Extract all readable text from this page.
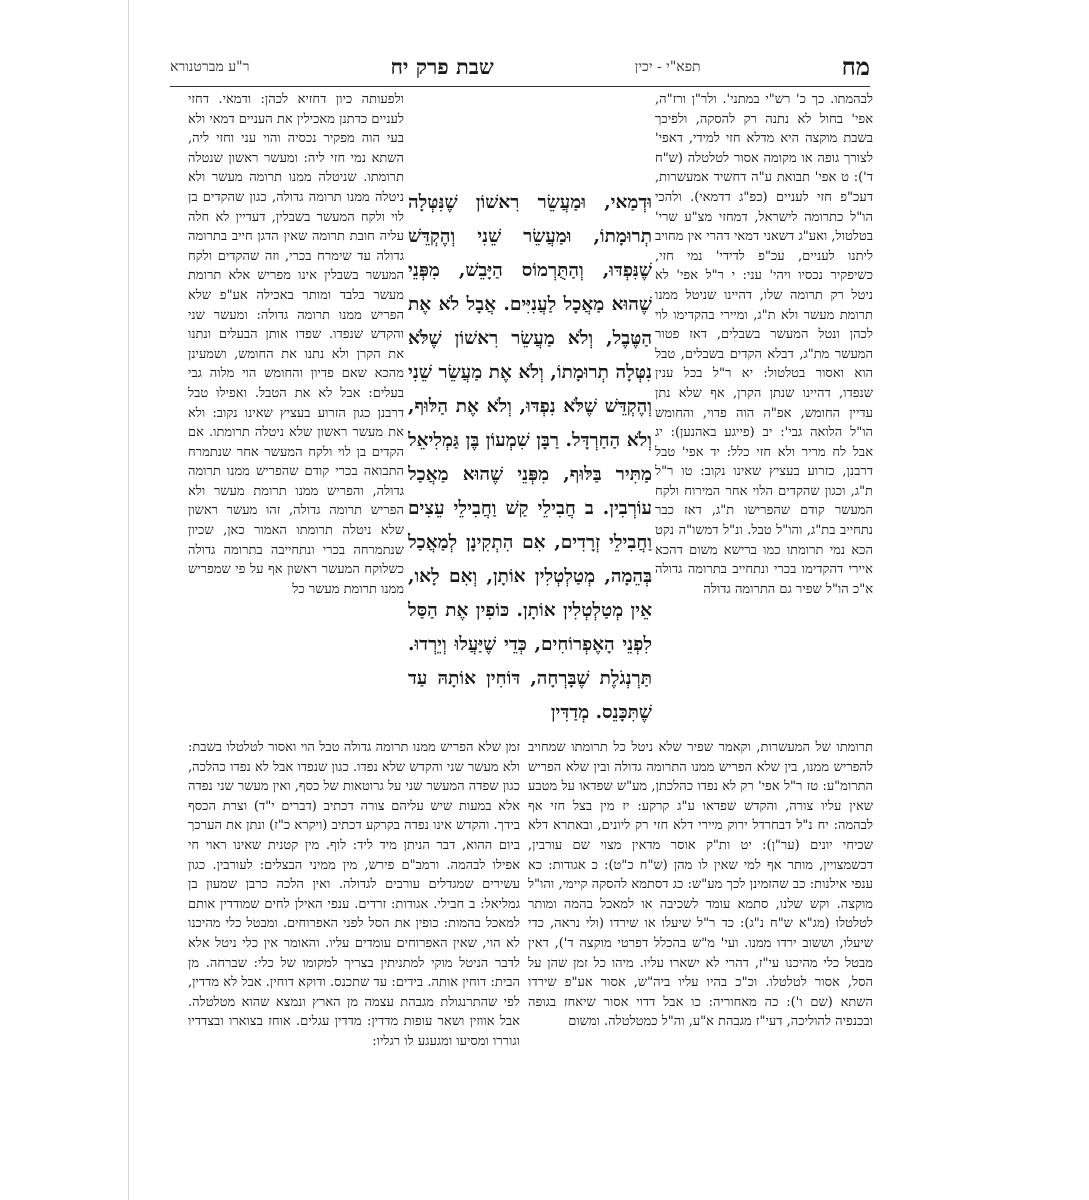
מח
תפא"י - יכין
שבת פרק יח
ר"ע מברטנורא

לבהמתו. כך כ' רש"י במתני'. ולר"ן ורז"ה, אפי' בחול לא נתנה רק להסקה, ולפיכך בשבת מוקצה היא מדלא חזי למידי, דאפי' לצורך גופה או מקומה אסור לטלטלה (ש"ח ד'): ט אפי' תבואת ע"ה דחשיד אמעשרות, דעכ"פ חזי לעניים (כפ"ג דדמאי). ולהכי הו"ל כתרומה לישראל, דמחזי מצ"ע שרי' בטלטול, ואע"ג דשאני דמאי דהרי אין מחויב ליתנו לעניים, עכ"פ לדידי' נמי חזי, כשיפקיר נכסיו ויהי' עני: י ר"ל אפי' לא ניטל רק תרומה שלו, דהיינו שניטל ממנו תרומת מעשר ולא ת"ג, ומיירי בהקדימו לוי לכהן ונטל המעשר בשבלים, דאז פטור המעשר מת"ג, דבלא הקדים בשבלים, טבל הוא ואסור בטלטול: יא ר"ל בכל ענין שנפדו, דהיינו שנתן הקרן, אף שלא נתן עדיין החומש, אפ"ה הוה פדוי, והחומש הו"ל הלואה גבי': יב (פייגע באהנען): יג אבל לח מריר ולא חזי כלל: יד אפי' טבל דרבנן, כזרוע בעציץ שאינו נקוב: טו ר"ל ת"ג, וכגון שהקדים הלוי אחר המירוח ולקח המעשר קודם שהפרישו ת"ג, דאז כבר נתחייב בת"ג, והו"ל טבל. ונ"ל דמשו"ה נקט הכא נמי תרומתו כמו ברישא משום דהכא איירי דהקדימו בכרי ונתחייב בתרומה גדולה א"כ הו"ל שפיר גם התרומה גדולה

ולפעותה כיון דחזיא לכהן: ודמאי. דחזי לעניים כדתנן מאכילין את העניים דמאי ולא בעי הוה מפקיר נכסיה והוי עני וחזי ליה, השתא נמי חזי ליה: ומעשר ראשון שנטלה תרומתו. שניטלה ממנו תרומה מעשר ולא ניטלה ממנו תרומה גדולה, כגון שהקדים בן לוי ולקח המעשר בשבלין, דעדיין לא חלה עליה חובת תרומה שאין הדגן חייב בתרומה גדולה עד שימרח בכרי, וזה שהקדים ולקח המעשר בשבלין אינו מפריש אלא תרומת מעשר בלבד ומותר באכילה אע"פ שלא הפריש ממנו תרומה גדולה: ומעשר שני והקדש שנפדו. שפדו אותן הבעלים ונתנו את הקרן ולא נתנו את החומש, ושמעינן מהכא שאם פדיון והחומש הוי מלוה גבי בעלים: אבל לא את הטבל. ואפילו טבל דרבנן כגון הזרוע בעציץ שאינו נקוב: ולא את מעשר ראשון שלא ניטלה תרומתו. אם הקדים בן לוי ולקח המעשר אחר שנתמרח התבואה בכרי קודם שהפריש ממנו תרומה גדולה, והפריש ממנו תרומת מעשר ולא הפריש תרומה גדולה, זהו מעשר ראשון שלא ניטלה תרומתו האמור כאן, שכיון שנתמרחה בכרי ונתחייבה בתרומה גדולה כשלוקח המעשר ראשון אף על פי שמפריש ממנו תרומת מעשר כל

וּדְמַאי, וּמַעֲשֵׂר רִאשׁוֹן שֶׁנִּטְּלָה תְרוּמָתוֹ, וּמַעֲשֵׂר שֵׁנִי וְהֶקְדֵּשׁ שֶׁנִּפְדּוּ, וְהַתֻּרְמוֹס הַיָּבֵשׁ, מִפְּנֵי שֶׁהוּא מַאֲכָל לַעֲנִיִּים. אֲבָל לֹא אֶת הַטֶּבֶל, וְלֹא מַעֲשֵׂר רִאשׁוֹן שֶׁלֹּא נִטְּלָה תְרוּמָתוֹ, וְלֹא אֶת מַעֲשֵׂר שֵׁנִי וְהֶקְדֵּשׁ שֶׁלֹּא נִפְדּוּ, וְלֹא אֶת הַלּוּף, וְלֹא הַחַרְדָּל. רַבָּן שִׁמְעוֹן בֶּן גַּמְלִיאֵל מַתִּיר בַּלּוּף, מִפְּנֵי שֶׁהוּא מַאֲכַל עוֹרְבִין. ב חֲבִילֵי קַשׁ וַחֲבִילֵי עֵצִים וַחֲבִילֵי זְרָדִים, אִם הִתְקִינָן לְמַאֲכַל בְּהֵמָה, מְטַלְטְלִין אוֹתָן, וְאִם לָאו, אֵין מְטַלְטְלִין אוֹתָן. כּוֹפִין אֶת הַסַּל לִפְנֵי הָאֶפְרוֹחִים, כְּדֵי שֶׁיַּעֲלוּ וְיֵרְדוּ. תַּרְנְגֹלֶת שֶׁבָּרְחָה, דּוֹחִין אוֹתָהּ עַד שֶׁתִּכָּנֵס. מְדַדִּין

זמן שלא הפריש ממנו תרומה גדולה טבל הוי ואסור לטלטלו בשבת: ולא מעשר שני והקדש שלא נפדו. כגון שנפדו אבל לא נפדו כהלכה, כגון שפדה המעשר שני על גרוטאות של כסף, ואין מעשר שני נפדה אלא במעות שיש עליהם צורה דכתיב (דברים י"ד) וצרת הכסף בידך. והקדש אינו נפדה בקרקע דכתיב (ויקרא כ"ז) ונתן את הערכך ביום ההוא, דבר הניתן מיד ליד: לוף. מין קטנית שאינו ראוי חי אפילו לבהמה. ורמב"ם פירש, מין ממיני הבצלים: לעורבין. כגון עשירים שמגדלים עורבים לגדולה. ואין הלכה כרבן שמעון בן גמליאל: ב חבילי. אגודות: זרדים. ענפי האילן לחים שמודדין אותם למאכל בהמות: כופין את הסל לפני האפרוחים. ומבטל כלי מהיכנו לא הוי, שאין האפרוחים עומדים עליו. והאומר אין כלי ניטל אלא לדבר הניטל מוקי למתניתין בצריך למקומו של כלי: שברחה. מן הבית: דוחין אותה. בידים: עד שתכנס. ודוקא דוחין. אבל לא מדדין, לפי שהתרנגולת מגבהת עצמה מן הארץ ונמצא שהוא מטלטלה. אבל אווזין ושאר עופות מדדין: מדדין עגלים. אוחז בצוארו ובצדדיו וגוררו ומסיעו ומגעגע לו רגליו:

תרומתו של המעשרות, וקאמר שפיר שלא ניטל כל תרומתו שמחויב להפריש ממנו, בין שלא הפריש ממנו התרומה גדולה ובין שלא הפריש התרומ"ע: טז ר"ל אפי' רק לא נפדו כהלכתן, מע"ש שפדאו על מטבע שאין עליו צורה, והקדש שפדאו ע"ג קרקע: יז מין בצל חזי אף לבהמה: יח נ"ל דבחרדל ירוק מיירי דלא חזי רק ליונים, ובאתרא דלא שכיחי יונים (ער"ן): יט ות"ק אוסר מדאין מצוי שם עורבין, דכשמצויין, מותר אף למי שאין לו מהן (ש"ח כ"ט): כ אגודות: כא ענפי אילנות: כב שהזמינן לכך מע"ש: כג דסתמא להסקה קיימי, והו"ל מוקצה. וקש שלנו, סתמא עומד לשכיבה או למאכל בהמה ומותר לטלטלו (מג"א ש"ח נ"ג): כד ר"ל שיעלו או שירדו (ולי נראה, כדי שיעלו, וששוב ירדו ממנו. ועי' מ"ש בהכלל דפרטי מוקצה ד'), דאין מבטל כלי מהיכנו עי"ז, דהרי לא ישארו עליו. מיהו כל זמן שהן על הסל, אסור לטלטלו. וכ"כ בהיו עליו ביה"ש, אסור אע"פ שירדו השתא (שם ו'): כה מאחוריה: כו אבל דדוי אסור שיאחז בגופה ובכנפיה להוליכה, דעי"ז מגבהת א"ע, וה"ל כמטלטלה. ומשום
